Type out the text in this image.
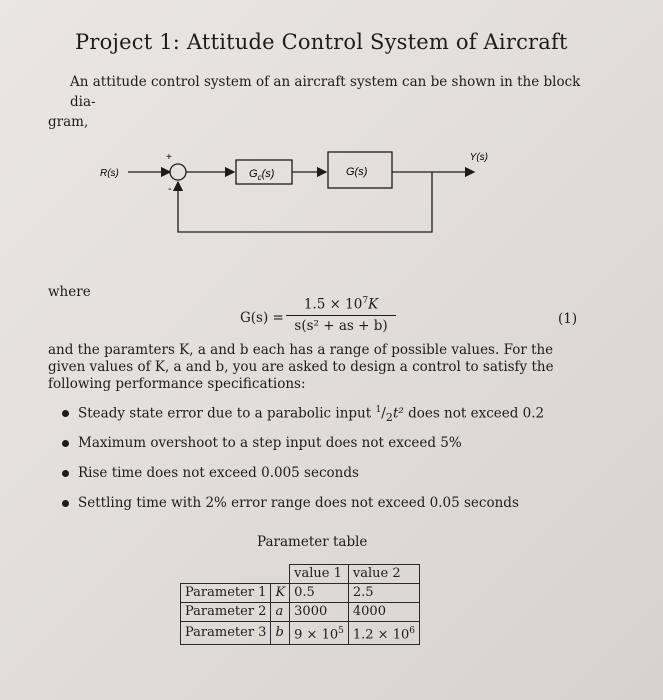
Project 1: Attitude Control System of Aircraft
An attitude control system of an aircraft system can be shown in the block dia-
gram,
R(s)
+
-
$G_c(s)$	G(s)
Y(s)
where
$G(s) = \frac{1.5 \times 10^7K}{\text{s(s² + as + b)}}$	(1)
and the paramters K, a and b each has a range of possible values. For the given values of K, a and b, you are asked to design a control to satisfy the following performance specifications:
Steady state error due to a parabolic input $^1/_2t^2$ does not exceed 0.2
Maximum overshoot to a step input does not exceed 5%
Rise time does not exceed 0.005 seconds
Settling time with 2% error range does not exceed 0.05 seconds
Parameter table
		value 1	value 2
Parameter 1	K	0.5	2.5
Parameter 2	a	3000	4000
Parameter 3	b	$9 \times 10^5$	$1.2 \times 10^6$
